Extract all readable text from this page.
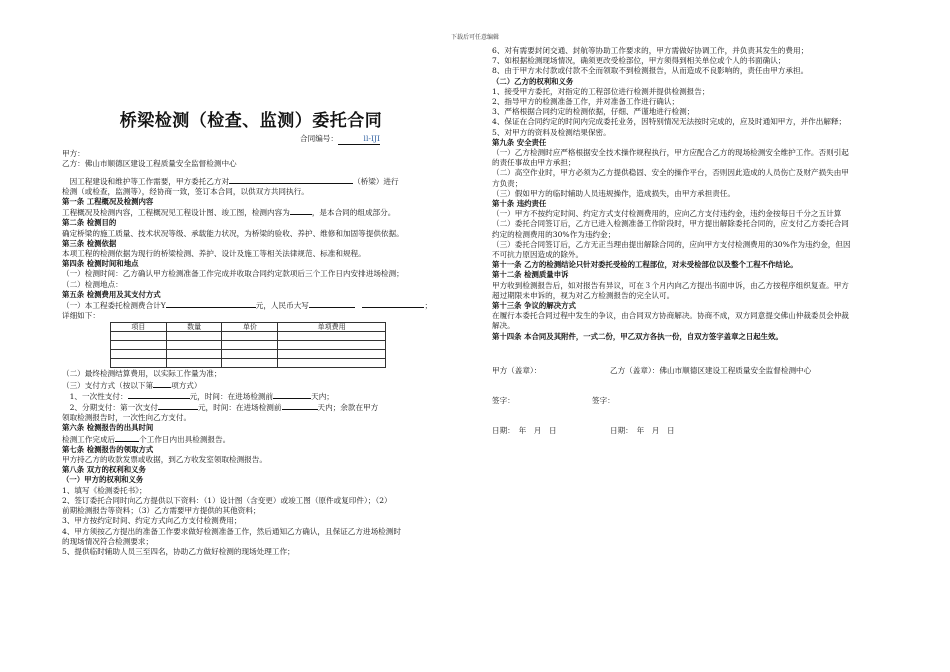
下载后可任意编辑
桥梁检测（检查、监测）委托合同
合同编号：	ll-IJI

甲方：

乙方：佛山市顺德区建设工程质量安全监督检测中心

　因工程建设和维护等工作需要，甲方委托乙方对	（桥梁）进行

检测（或检查，监测等），经协商一致，签订本合同，以供双方共同执行。

第一条 工程概况及检测内容

工程概况及检测内容，工程概况见工程设计图、竣工图，检测内容为	，是本合同的组成部分。

第二条 检测目的

确定桥梁的施工质量、技术状况等级、承载能力状况，为桥梁的验收、养护、维修和加固等提供依据。

第三条 检测依据

本项工程的检测依据为现行的桥梁检测、养护、设计及施工等相关法律规范、标准和规程。

第四条 检测时间和地点

（一）检测时间：乙方确认甲方检测准备工作完成并收取合同约定款项后三个工作日内安排进场检测；

（二）检测地点：

第五条 检测费用及其支付方式

（一）本工程委托检测费合计Y	元，人民币大写　	；

详细如下：

项目	数量	单价	单项费用

（二）最终检测结算费用，以实际工作量为准；

（三）支付方式（按以下第 项方式）

　1、一次性支付：	元，时间：在进场检测前	天内；

　2、分期支付：第一次支付	元，时间：在进场检测前	天内；余款在甲方

领取检测报告时，一次性向乙方支付。

第六条 检测报告的出具时间

检测工作完成后	个工作日内出具检测报告。

第七条 检测报告的领取方式

甲方持乙方的收款发票或收据，到乙方收发室领取检测报告。

第八条 双方的权利和义务

（一）甲方的权利和义务

1、填写《检测委托书》；

2、签订委托合同时向乙方提供以下资料：（1）设计图（含变更）或竣工图（原件或复印件）；（2）

前期检测报告等资料；（3）乙方需要甲方提供的其他资料；

3、甲方按约定时间、约定方式向乙方支付检测费用；

4、甲方须按乙方提出的准备工作要求做好检测准备工作，然后通知乙方确认，且保证乙方进场检测时

的现场情况符合检测要求；

5、提供临时辅助人员三至四名，协助乙方做好检测的现场处理工作；

6、对有需要封闭交通、封航等协助工作要求的，甲方需做好协调工作，并负责其发生的费用；

7、如根据检测现场情况，确须更改受检部位，甲方须得到相关单位或个人的书面确认；

8、由于甲方未付款或付款不全而领取不到检测报告，从而造成不良影响的，责任由甲方承担。

（二）乙方的权利和义务

1、接受甲方委托，对指定的工程部位进行检测并提供检测报告；

2、指导甲方的检测准备工作，并对准备工作进行确认；

3、严格根据合同约定的检测依据，仔细、严谨地进行检测；

4、保证在合同约定的时间内完成委托业务，因特别情况无法按时完成的，应及时通知甲方，并作出解释；

5、对甲方的资料及检测结果保密。

第九条 安全责任

（一）乙方检测时应严格根据安全技术操作规程执行，甲方应配合乙方的现场检测安全维护工作。否则引起

的责任事故由甲方承担；

（二）高空作业时，甲方必须为乙方提供稳固、安全的操作平台，否则因此造成的人员伤亡及财产损失由甲

方负责；

（三）假如甲方的临时辅助人员违规操作，造成损失，由甲方承担责任。

第十条 违约责任

（一）甲方不按约定时间、约定方式支付检测费用的，应向乙方支付违约金，违约金按每日千分之五计算

（二）委托合同签订后，乙方已进入检测准备工作阶段时，甲方提出解除委托合同的，应支付乙方委托合同

约定的检测费用的30%作为违约金；

（三）委托合同签订后，乙方无正当理由提出解除合同的，应向甲方支付检测费用的30%作为违约金，但因

不可抗力原因造成的除外。

第十一条 乙方的检测结论只针对委托受检的工程部位，对未受检部位以及整个工程不作结论。

第十二条 检测质量申诉

甲方收到检测报告后，如对报告有异议，可在３个月内向乙方提出书面申诉，由乙方按程序组织复查。甲方

超过期限未申诉的，视为对乙方检测报告的完全认可。

第十三条 争议的解决方式

在履行本委托合同过程中发生的争议，由合同双方协商解决。协商不成，双方同意提交佛山仲裁委员会仲裁

解决。

第十四条 本合同及其附件，一式二份，甲乙双方各执一份，自双方签字盖章之日起生效。

甲方（盖章）：	乙方（盖章）：佛山市顺德区建设工程质量安全监督检测中心
签字：	签字：
日期：　年　月　日	日期：　年　月　日
